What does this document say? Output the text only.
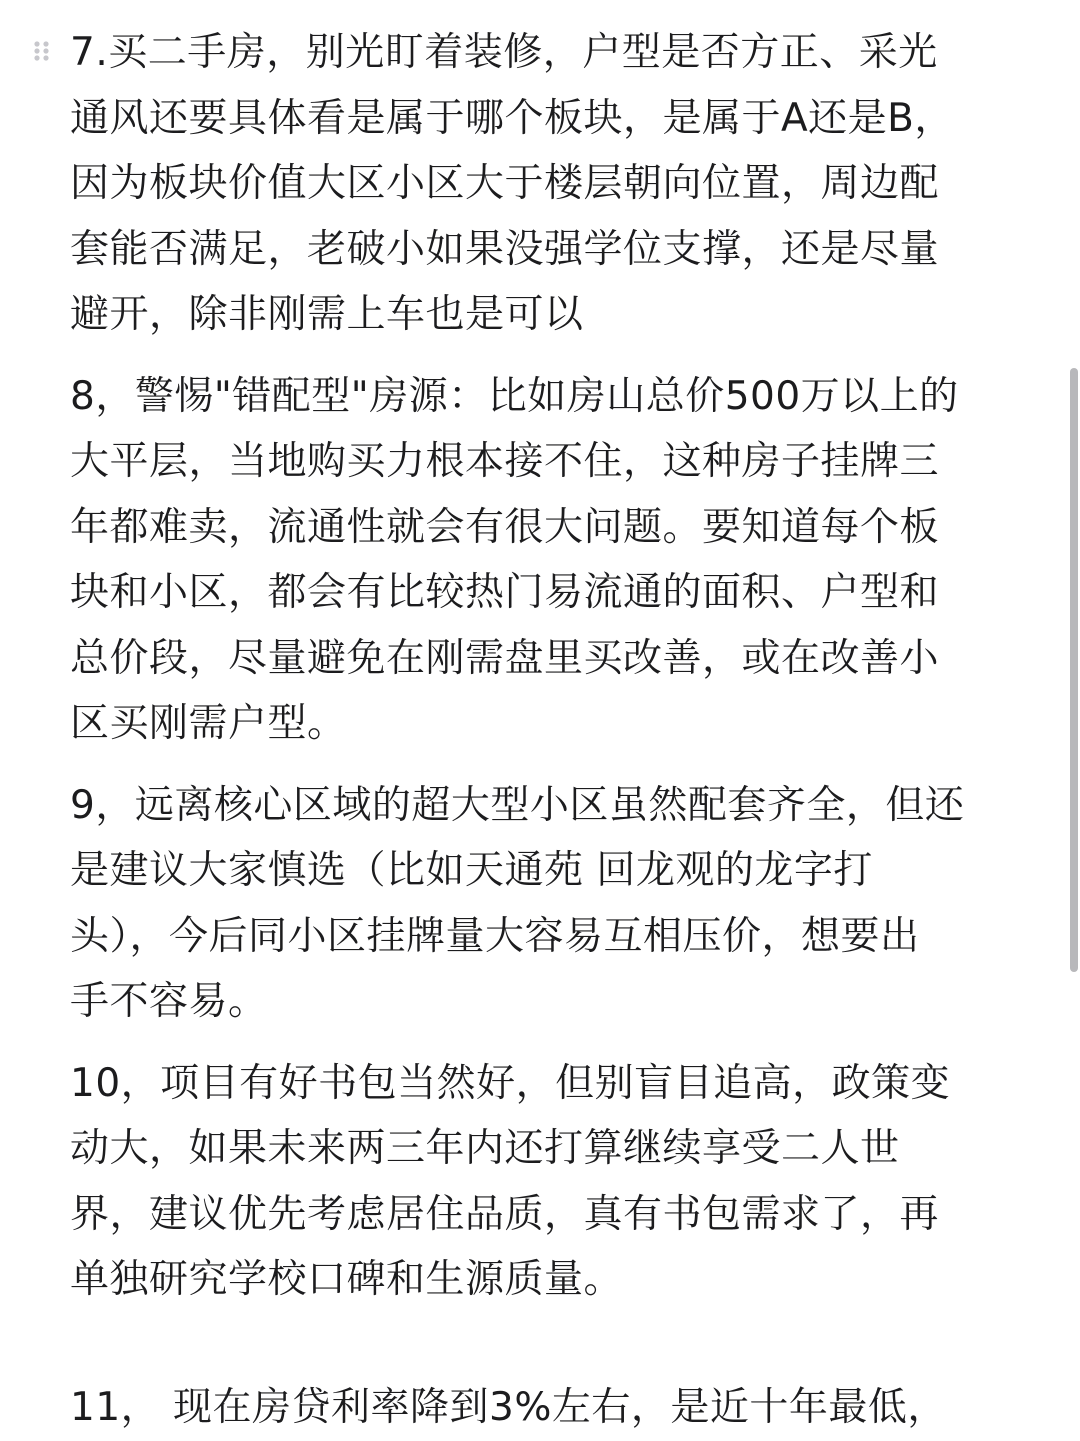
7.买二手房，别光盯着装修，户型是否方正、采光
通风还要具体看是属于哪个板块，是属于A还是B，
因为板块价值大区小区大于楼层朝向位置，周边配
套能否满足，老破小如果没强学位支撑，还是尽量
避开，除非刚需上车也是可以

8，警惕"错配型"房源：比如房山总价500万以上的
大平层，当地购买力根本接不住，这种房子挂牌三
年都难卖，流通性就会有很大问题。要知道每个板
块和小区，都会有比较热门易流通的面积、户型和
总价段，尽量避免在刚需盘里买改善，或在改善小
区买刚需户型。

9，远离核心区域的超大型小区虽然配套齐全，但还
是建议大家慎选（比如天通苑 回龙观的龙字打
头），今后同小区挂牌量大容易互相压价，想要出
手不容易。

10，项目有好书包当然好，但别盲目追高，政策变
动大，如果未来两三年内还打算继续享受二人世
界，建议优先考虑居住品质，真有书包需求了，再
单独研究学校口碑和生源质量。

11， 现在房贷利率降到3%左右，是近十年最低，
